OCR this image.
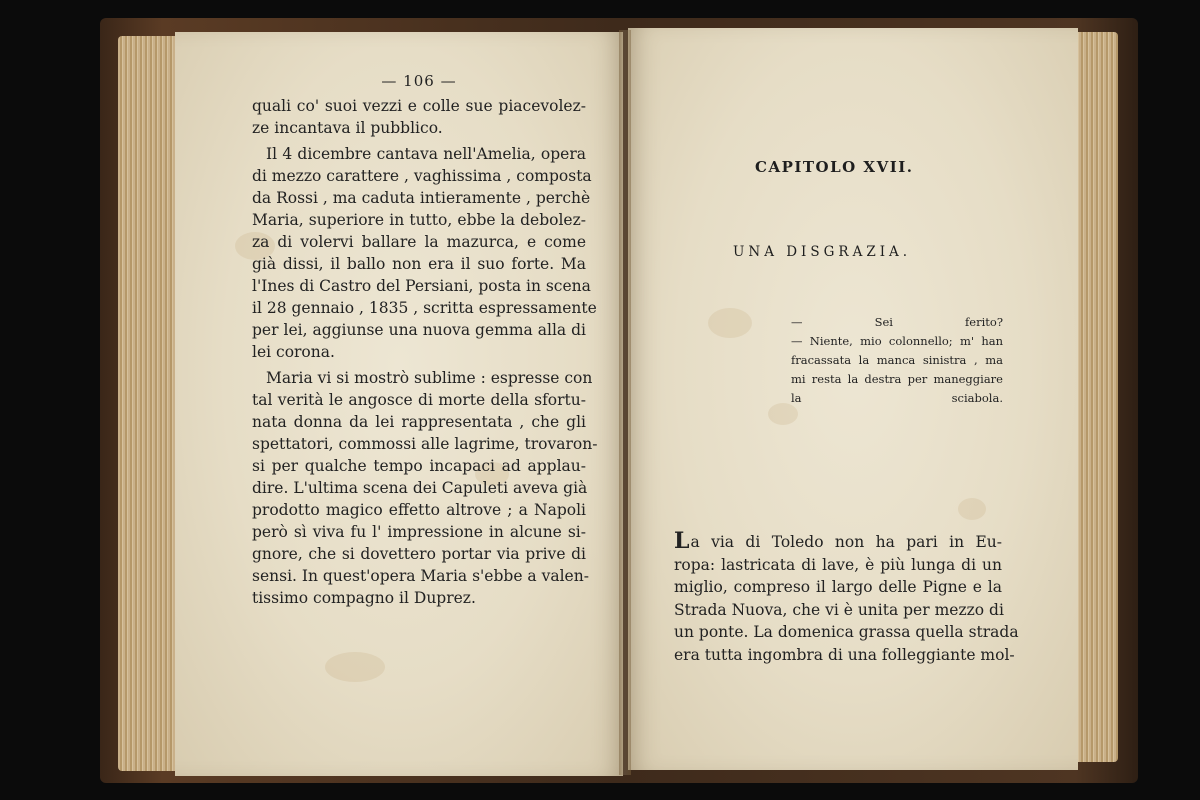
— 106 —
quali co' suoi vezzi e colle sue piacevolez-
ze incantava il pubblico.
Il 4 dicembre cantava nell'Amelia, opera
di mezzo carattere , vaghissima , composta
da Rossi , ma caduta intieramente , perchè
Maria, superiore in tutto, ebbe la debolez-
za di volervi ballare la mazurca, e come
già dissi, il ballo non era il suo forte. Ma
l'Ines di Castro del Persiani, posta in scena
il 28 gennaio , 1835 , scritta espressamente
per lei, aggiunse una nuova gemma alla di
lei corona.
Maria vi si mostrò sublime : espresse con
tal verità le angosce di morte della sfortu-
nata donna da lei rappresentata , che gli
spettatori, commossi alle lagrime, trovaron-
si per qualche tempo incapaci ad applau-
dire. L'ultima scena dei Capuleti aveva già
prodotto magico effetto altrove ; a Napoli
però sì viva fu l' impressione in alcune si-
gnore, che si dovettero portar via prive di
sensi. In quest'opera Maria s'ebbe a valen-
tissimo compagno il Duprez.
CAPITOLO XVII.
UNA DISGRAZIA.
— Sei ferito?
— Niente, mio colonnello; m' han
fracassata la manca sinistra , ma
mi resta la destra per maneggiare
la sciabola.
La via di Toledo non ha pari in Eu-
ropa: lastricata di lave, è più lunga di un
miglio, compreso il largo delle Pigne e la
Strada Nuova, che vi è unita per mezzo di
un ponte. La domenica grassa quella strada
era tutta ingombra di una folleggiante mol-
